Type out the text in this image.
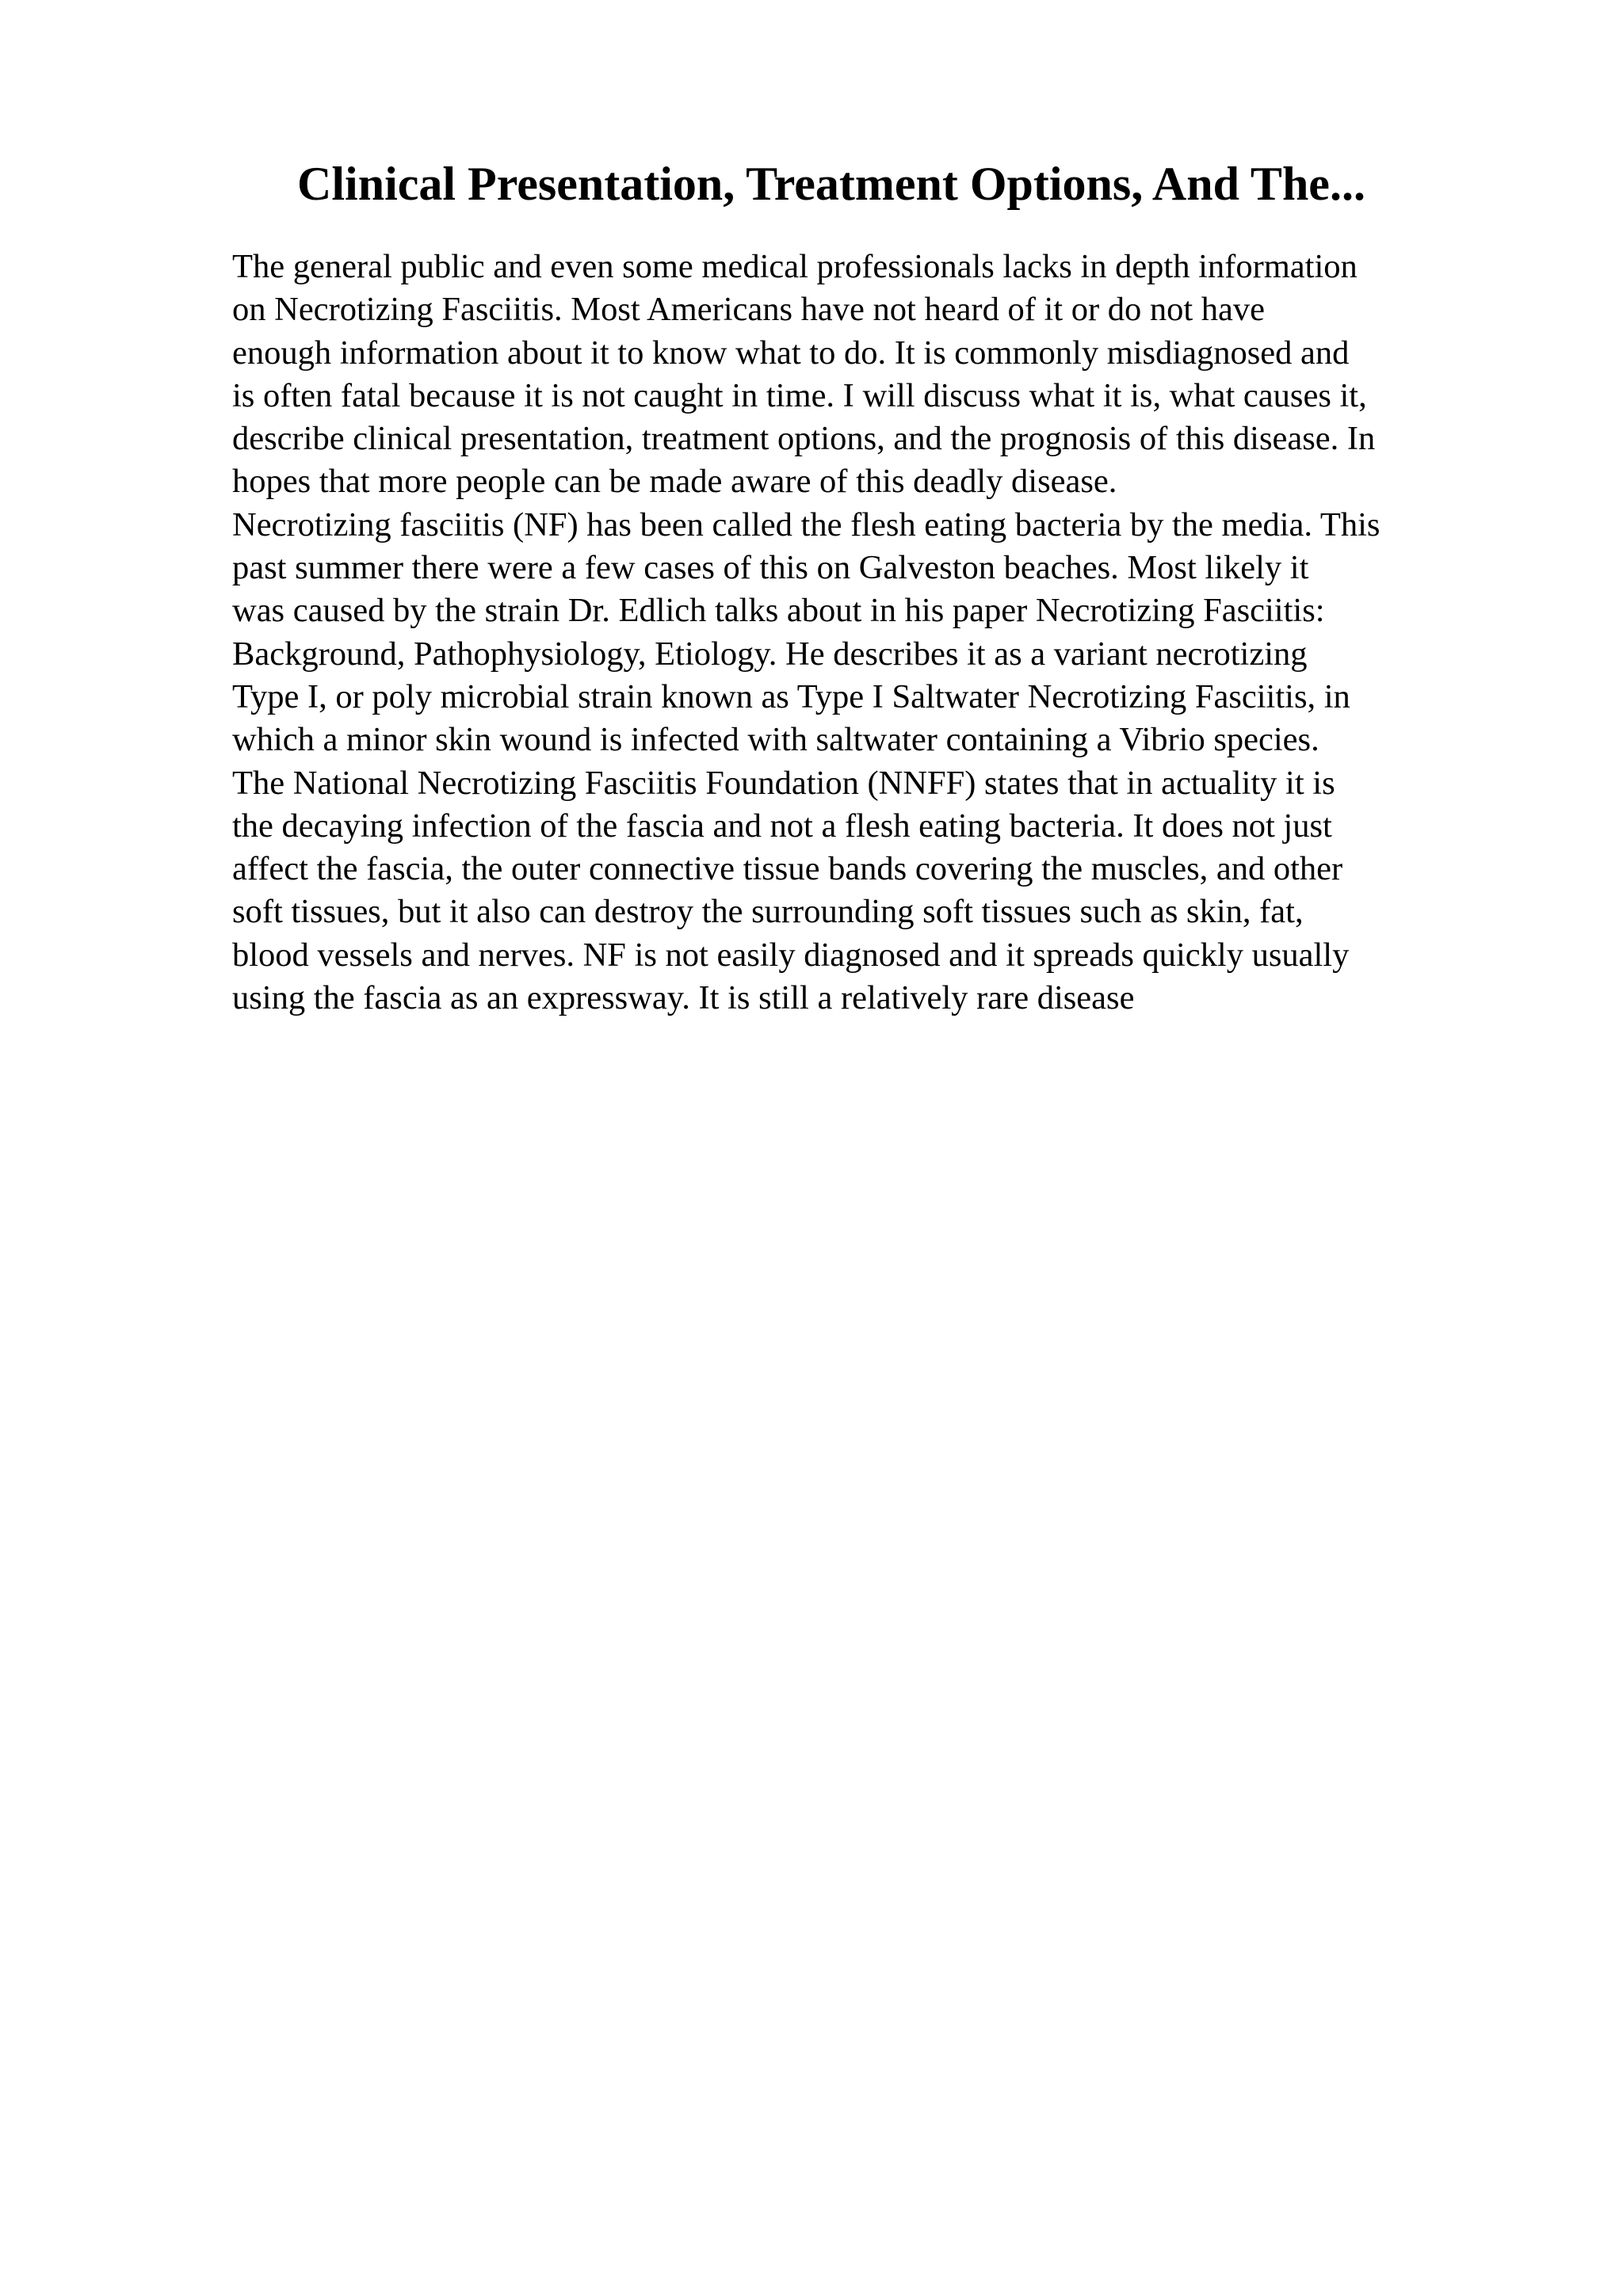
Clinical Presentation, Treatment Options, And The...
The general public and even some medical professionals lacks in depth information
on Necrotizing Fasciitis. Most Americans have not heard of it or do not have
enough information about it to know what to do. It is commonly misdiagnosed and
is often fatal because it is not caught in time. I will discuss what it is, what causes it,
describe clinical presentation, treatment options, and the prognosis of this disease. In
hopes that more people can be made aware of this deadly disease.
Necrotizing fasciitis (NF) has been called the flesh eating bacteria by the media. This
past summer there were a few cases of this on Galveston beaches. Most likely it
was caused by the strain Dr. Edlich talks about in his paper Necrotizing Fasciitis:
Background, Pathophysiology, Etiology. He describes it as a variant necrotizing
Type I, or poly microbial strain known as Type I Saltwater Necrotizing Fasciitis, in
which a minor skin wound is infected with saltwater containing a Vibrio species.
The National Necrotizing Fasciitis Foundation (NNFF) states that in actuality it is
the decaying infection of the fascia and not a flesh eating bacteria. It does not just
affect the fascia, the outer connective tissue bands covering the muscles, and other
soft tissues, but it also can destroy the surrounding soft tissues such as skin, fat,
blood vessels and nerves. NF is not easily diagnosed and it spreads quickly usually
using the fascia as an expressway. It is still a relatively rare disease
